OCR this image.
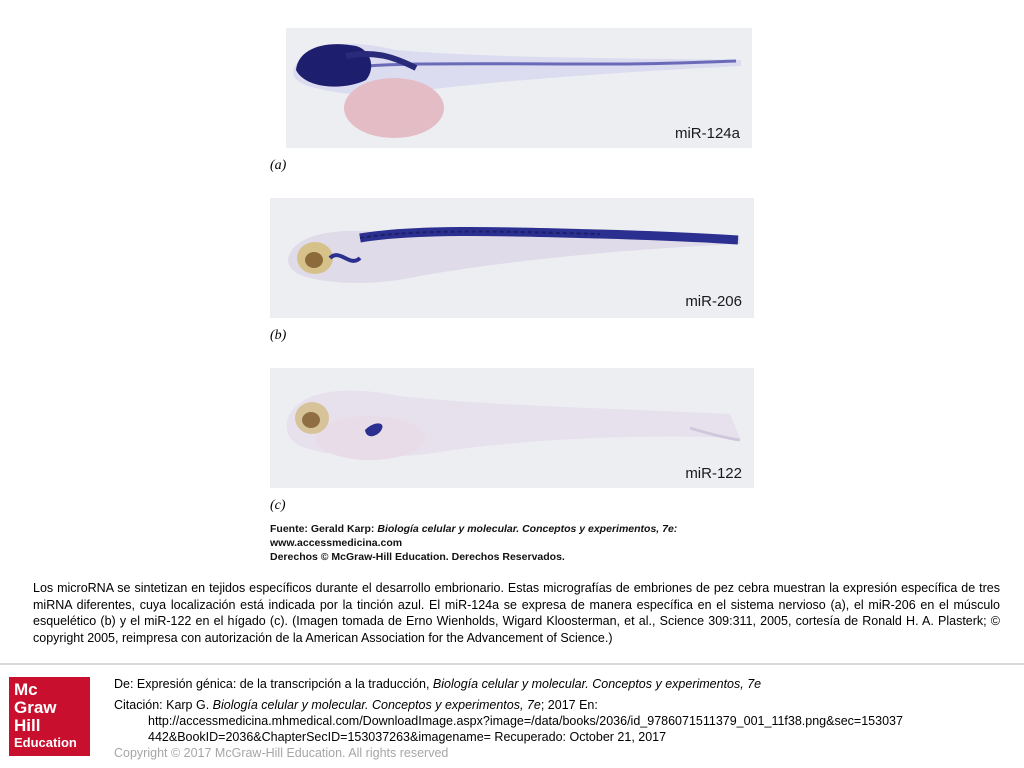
miR-124a
(a)
miR-206
(b)
miR-122
(c)
Fuente: Gerald Karp: Biología celular y molecular. Conceptos y experimentos, 7e:
www.accessmedicina.com
Derechos © McGraw-Hill Education. Derechos Reservados.
Los microRNA se sintetizan en tejidos específicos durante el desarrollo embrionario. Estas micrografías de embriones de pez cebra muestran la expresión específica de tres miRNA diferentes, cuya localización está indicada por la tinción azul. El miR-124a se expresa de manera específica en el sistema nervioso (a), el miR-206 en el músculo esquelético (b) y el miR-122 en el hígado (c). (Imagen tomada de Erno Wienholds, Wigard Kloosterman, et al., Science 309:311, 2005, cortesía de Ronald H. A. Plasterk; © copyright 2005, reimpresa con autorización de la American Association for the Advancement of Science.)
Mc
Graw
Hill
Education
De: Expresión génica: de la transcripción a la traducción, Biología celular y molecular. Conceptos y experimentos, 7e
Citación: Karp G. Biología celular y molecular. Conceptos y experimentos, 7e; 2017 En:
http://accessmedicina.mhmedical.com/DownloadImage.aspx?image=/data/books/2036/id_9786071511379_001_11f38.png&sec=153037
442&BookID=2036&ChapterSecID=153037263&imagename= Recuperado: October 21, 2017
Copyright © 2017 McGraw-Hill Education. All rights reserved
